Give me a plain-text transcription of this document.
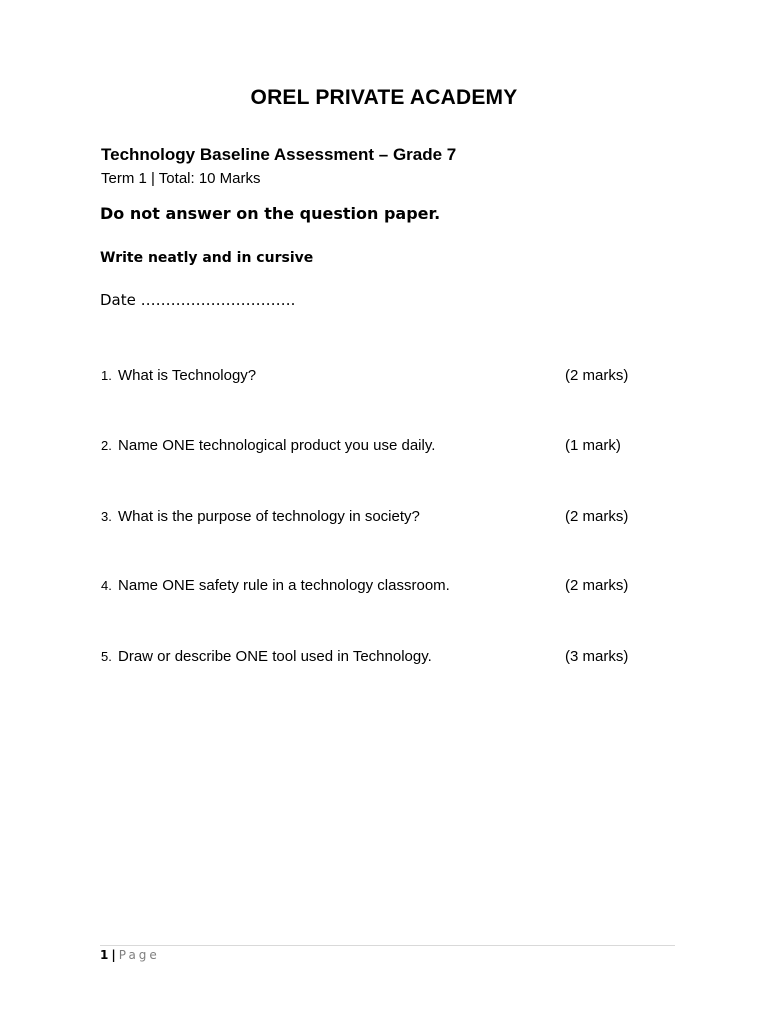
OREL PRIVATE ACADEMY
Technology Baseline Assessment – Grade 7
Term 1 | Total: 10 Marks
Do not answer on the question paper.
Write neatly and in cursive
Date ………………………….
1. What is Technology?	(2 marks)
2. Name ONE technological product you use daily.	(1 mark)
3. What is the purpose of technology in society?	(2 marks)
4. Name ONE safety rule in a technology classroom.	(2 marks)
5. Draw or describe ONE tool used in Technology.	(3 marks)
1 | Page
